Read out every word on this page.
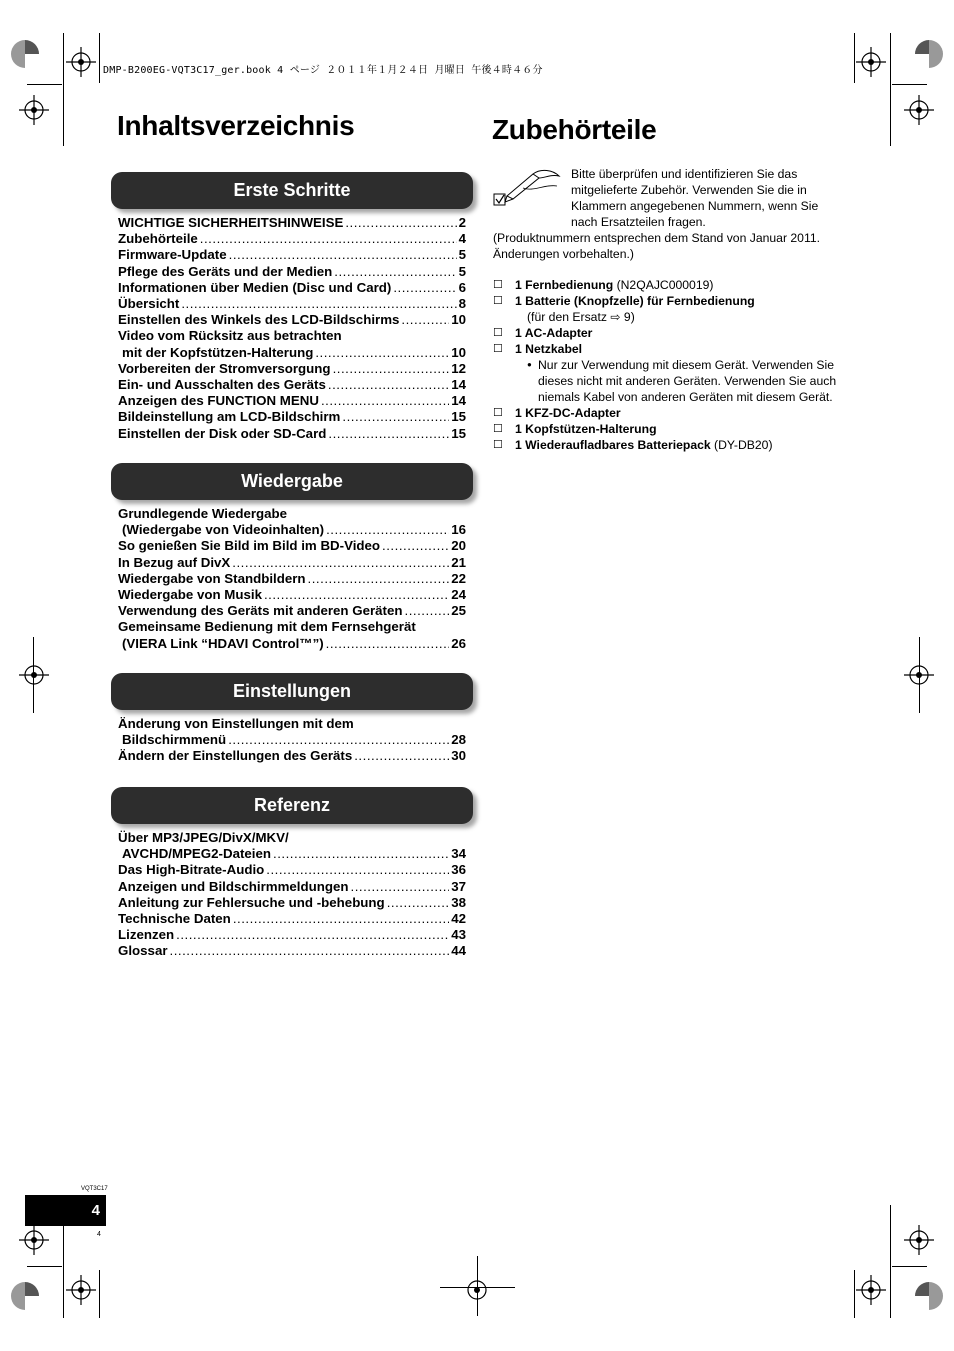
DMP-B200EG-VQT3C17_ger.book 4 ページ ２０１１年１月２４日 月曜日 午後４時４６分
Inhaltsverzeichnis
Erste Schritte
WICHTIGE SICHERHEITSHINWEISE .....	2
Zubehörteile .....	4
Firmware-Update .....	5
Pflege des Geräts und der Medien .....	5
Informationen über Medien (Disc und Card) .....	6
Übersicht .....	8
Einstellen des Winkels des LCD-Bildschirms .....	10
Video vom Rücksitz aus betrachten
mit der Kopfstützen-Halterung .....	10
Vorbereiten der Stromversorgung .....	12
Ein- und Ausschalten des Geräts .....	14
Anzeigen des FUNCTION MENU .....	14
Bildeinstellung am LCD-Bildschirm .....	15
Einstellen der Disk oder SD-Card .....	15
Wiedergabe
Grundlegende Wiedergabe
(Wiedergabe von Videoinhalten) .....	16
So genießen Sie Bild im Bild im BD-Video .....	20
In Bezug auf DivX .....	21
Wiedergabe von Standbildern .....	22
Wiedergabe von Musik .....	24
Verwendung des Geräts mit anderen Geräten .....	25
Gemeinsame Bedienung mit dem Fernsehgerät
(VIERA Link “HDAVI Control™”) .....	26
Einstellungen
Änderung von Einstellungen mit dem
Bildschirmmenü .....	28
Ändern der Einstellungen des Geräts .....	30
Referenz
Über MP3/JPEG/DivX/MKV/
AVCHD/MPEG2-Dateien .....	34
Das High-Bitrate-Audio .....	36
Anzeigen und Bildschirmmeldungen .....	37
Anleitung zur Fehlersuche und -behebung .....	38
Technische Daten .....	42
Lizenzen .....	43
Glossar .....	44
Zubehörteile
Bitte überprüfen und identifizieren Sie das mitgelieferte Zubehör. Verwenden Sie die in Klammern angegebenen Nummern, wenn Sie nach Ersatzteilen fragen.
(Produktnummern entsprechen dem Stand von Januar 2011. Änderungen vorbehalten.)
☐ 1 Fernbedienung (N2QAJC000019)
☐ 1 Batterie (Knopfzelle) für Fernbedienung
(für den Ersatz ⇨ 9)
☐ 1 AC-Adapter
☐ 1 Netzkabel
● Nur zur Verwendung mit diesem Gerät. Verwenden Sie dieses nicht mit anderen Geräten. Verwenden Sie auch niemals Kabel von anderen Geräten mit diesem Gerät.
☐ 1 KFZ-DC-Adapter
☐ 1 Kopfstützen-Halterung
☐ 1 Wiederaufladbares Batteriepack (DY-DB20)
VQT3C17
4
4
